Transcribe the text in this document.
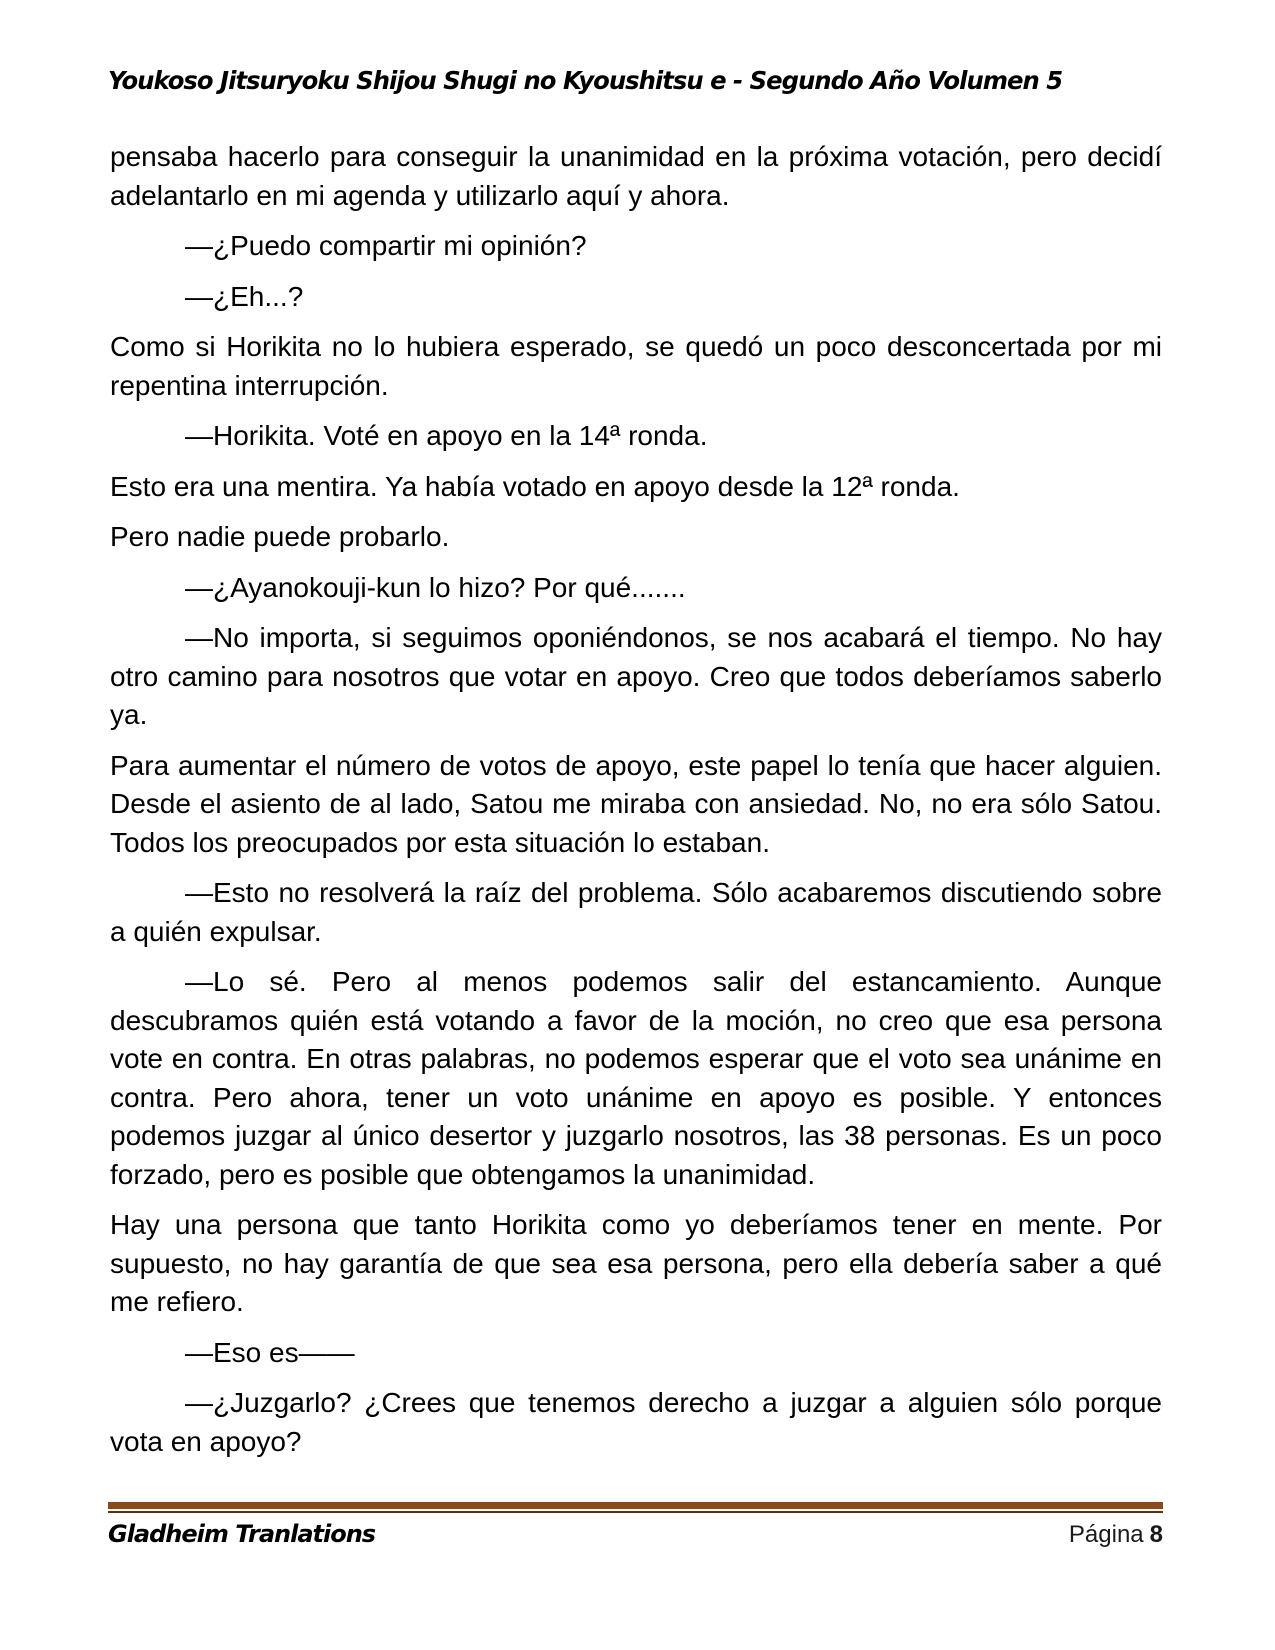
Youkoso Jitsuryoku Shijou Shugi no Kyoushitsu e - Segundo Año Volumen 5

pensaba hacerlo para conseguir la unanimidad en la próxima votación, pero decidí adelantarlo en mi agenda y utilizarlo aquí y ahora.

—¿Puedo compartir mi opinión?

—¿Eh...?

Como si Horikita no lo hubiera esperado, se quedó un poco desconcertada por mi repentina interrupción.

—Horikita. Voté en apoyo en la 14ª ronda.

Esto era una mentira. Ya había votado en apoyo desde la 12ª ronda.

Pero nadie puede probarlo.

—¿Ayanokouji-kun lo hizo? Por qué.......

—No importa, si seguimos oponiéndonos, se nos acabará el tiempo. No hay otro camino para nosotros que votar en apoyo. Creo que todos deberíamos saberlo ya.

Para aumentar el número de votos de apoyo, este papel lo tenía que hacer alguien. Desde el asiento de al lado, Satou me miraba con ansiedad. No, no era sólo Satou. Todos los preocupados por esta situación lo estaban.

—Esto no resolverá la raíz del problema. Sólo acabaremos discutiendo sobre a quién expulsar.

—Lo sé. Pero al menos podemos salir del estancamiento. Aunque descubramos quién está votando a favor de la moción, no creo que esa persona vote en contra. En otras palabras, no podemos esperar que el voto sea unánime en contra. Pero ahora, tener un voto unánime en apoyo es posible. Y entonces podemos juzgar al único desertor y juzgarlo nosotros, las 38 personas. Es un poco forzado, pero es posible que obtengamos la unanimidad.

Hay una persona que tanto Horikita como yo deberíamos tener en mente. Por supuesto, no hay garantía de que sea esa persona, pero ella debería saber a qué me refiero.

—Eso es——

—¿Juzgarlo? ¿Crees que tenemos derecho a juzgar a alguien sólo porque vota en apoyo?

Gladheim Tranlations	Página 8
